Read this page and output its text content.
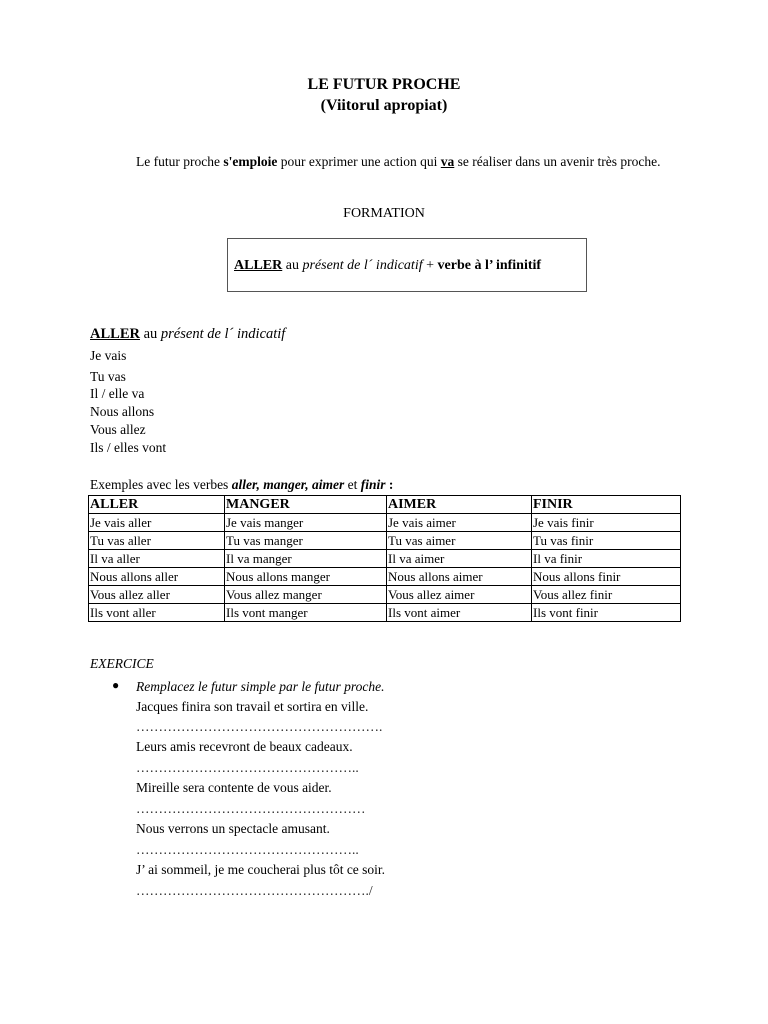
LE FUTUR PROCHE
(Viitorul apropiat)
Le futur proche s'emploie pour exprimer une action qui va se réaliser dans un avenir très proche.
FORMATION
ALLER au présent de l´ indicatif + verbe à l’ infinitif
ALLER au présent de l´ indicatif
Je vais
Tu vas
Il / elle va
Nous allons
Vous allez
Ils / elles vont
Exemples avec les verbes aller, manger, aimer et finir :
ALLER	MANGER	AIMER	FINIR
Je vais aller	Je vais manger	Je vais aimer	Je vais finir
Tu vas aller	Tu vas manger	Tu vas aimer	Tu vas finir
Il va aller	Il va manger	Il va aimer	Il va finir
Nous allons aller	Nous allons manger	Nous allons aimer	Nous allons finir
Vous allez aller	Vous allez manger	Vous allez aimer	Vous allez finir
Ils vont aller	Ils vont manger	Ils vont aimer	Ils vont finir
EXERCICE
● Remplacez le futur simple par le futur proche.
Jacques finira son travail et sortira en ville.
……………………………………………….
Leurs amis recevront de beaux cadeaux.
…………………………………………..
Mireille sera contente de vous aider.
……………………………………………
Nous verrons un spectacle amusant.
…………………………………………..
J’ ai sommeil, je me coucherai plus tôt ce soir.
……………………………………………./
